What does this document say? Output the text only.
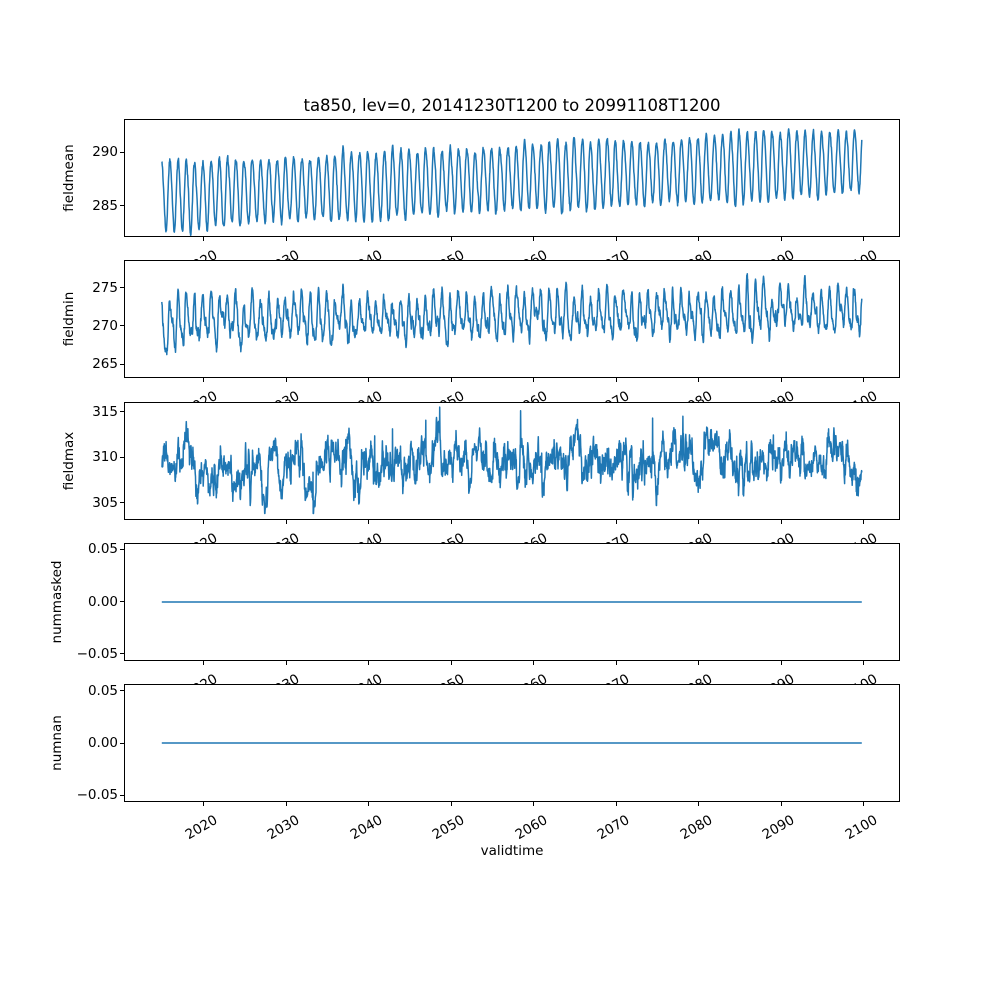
ta850, lev=0, 20141230T1200 to 20991108T1200
285
290
fieldmean
265
270
275
fieldmin
305
310
315
fieldmax
−0.05
0.00
0.05
nummasked
−0.05
0.00
0.05
numnan
2020	2030	2040	2050	2060	2070	2080	2090	2100
validtime
